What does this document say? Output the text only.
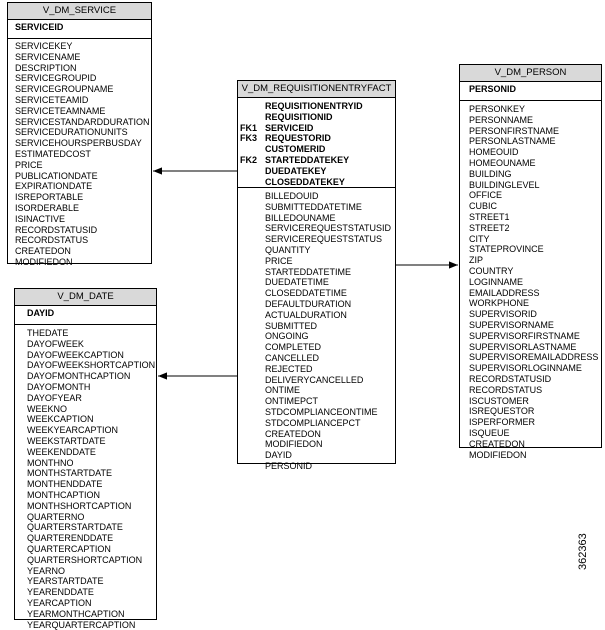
V_DM_SERVICE
SERVICEID
SERVICEKEY
SERVICENAME
DESCRIPTION
SERVICEGROUPID
SERVICEGROUPNAME
SERVICETEAMID
SERVICETEAMNAME
SERVICESTANDARDDURATION
SERVICEDURATIONUNITS
SERVICEHOURSPERBUSDAY
ESTIMATEDCOST
PRICE
PUBLICATIONDATE
EXPIRATIONDATE
ISREPORTABLE
ISORDERABLE
ISINACTIVE
RECORDSTATUSID
RECORDSTATUS
CREATEDON
MODIFIEDON
V_DM_REQUISITIONENTRYFACT
REQUISITIONENTRYID
REQUISITIONID
SERVICEID
FK1
REQUESTORID
FK3
CUSTOMERID
STARTEDDATEKEY
FK2
DUEDATEKEY
CLOSEDDATEKEY
BILLEDOUID
SUBMITTEDDATETIME
BILLEDOUNAME
SERVICEREQUESTSTATUSID
SERVICEREQUESTSTATUS
QUANTITY
PRICE
STARTEDDATETIME
DUEDATETIME
CLOSEDDATETIME
DEFAULTDURATION
ACTUALDURATION
SUBMITTED
ONGOING
COMPLETED
CANCELLED
REJECTED
DELIVERYCANCELLED
ONTIME
ONTIMEPCT
STDCOMPLIANCEONTIME
STDCOMPLIANCEPCT
CREATEDON
MODIFIEDON
DAYID
PERSONID
V_DM_PERSON
PERSONID
PERSONKEY
PERSONNAME
PERSONFIRSTNAME
PERSONLASTNAME
HOMEOUID
HOMEOUNAME
BUILDING
BUILDINGLEVEL
OFFICE
CUBIC
STREET1
STREET2
CITY
STATEPROVINCE
ZIP
COUNTRY
LOGINNAME
EMAILADDRESS
WORKPHONE
SUPERVISORID
SUPERVISORNAME
SUPERVISORFIRSTNAME
SUPERVISORLASTNAME
SUPERVISOREMAILADDRESS
SUPERVISORLOGINNAME
RECORDSTATUSID
RECORDSTATUS
ISCUSTOMER
ISREQUESTOR
ISPERFORMER
ISQUEUE
CREATEDON
MODIFIEDON
V_DM_DATE
DAYID
THEDATE
DAYOFWEEK
DAYOFWEEKCAPTION
DAYOFWEEKSHORTCAPTION
DAYOFMONTHCAPTION
DAYOFMONTH
DAYOFYEAR
WEEKNO
WEEKCAPTION
WEEKYEARCAPTION
WEEKSTARTDATE
WEEKENDDATE
MONTHNO
MONTHSTARTDATE
MONTHENDDATE
MONTHCAPTION
MONTHSHORTCAPTION
QUARTERNO
QUARTERSTARTDATE
QUARTERENDDATE
QUARTERCAPTION
QUARTERSHORTCAPTION
YEARNO
YEARSTARTDATE
YEARENDDATE
YEARCAPTION
YEARMONTHCAPTION
YEARQUARTERCAPTION
362363
